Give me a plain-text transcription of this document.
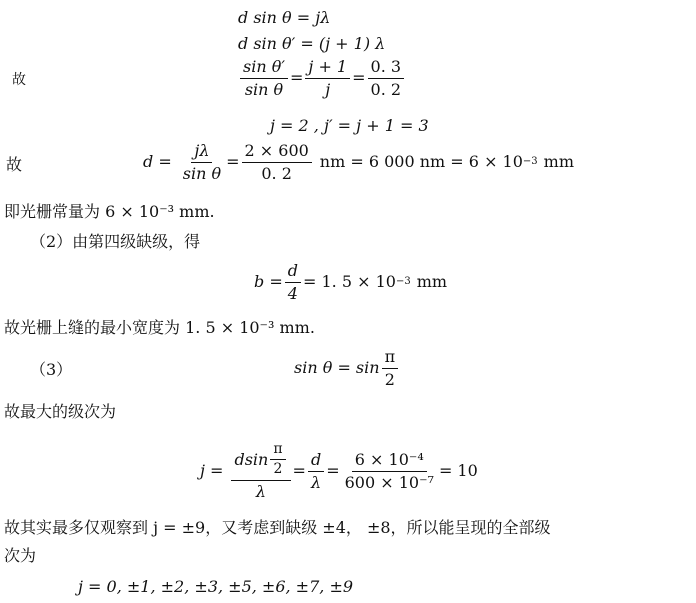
d sin θ = jλ
d sin θ′ = (j + 1) λ
$\frac{\text{sin θ′}}{\text{sin θ}} = \frac{j + 1}{j} = \frac{0. 3}{0. 2}$
故
j = 2 , j′ = j + 1 = 3
故	$d = \frac{j\lambda}{\text{sin θ}} = \frac{2 \times 600}{0. 2}$ nm = 6 000 nm = 6 × 10 −3 mm
即光栅常量为 6 × 10⁻³ mm.
（2）由第四级缺级，得
$b = \frac{d}{4} = 1$. 5 × 10 −3 mm
故光栅上缝的最小宽度为 1. 5 × 10⁻³ mm.
（3）	$\sin \theta = \sin \frac{\pi}{2}$
故最大的级次为
$j = \frac{dsin \frac{\pi}{2}}{\lambda} = \frac{d}{\lambda} = \frac{\text{6 × 10⁻⁴}}{\text{600 × 10⁻⁷}} = 10$
故其实最多仅观察到 j = ±9，又考虑到缺级 ±4， ±8，所以能呈现的全部级
次为
j = 0, ±1, ±2, ±3, ±5, ±6, ±7, ±9
